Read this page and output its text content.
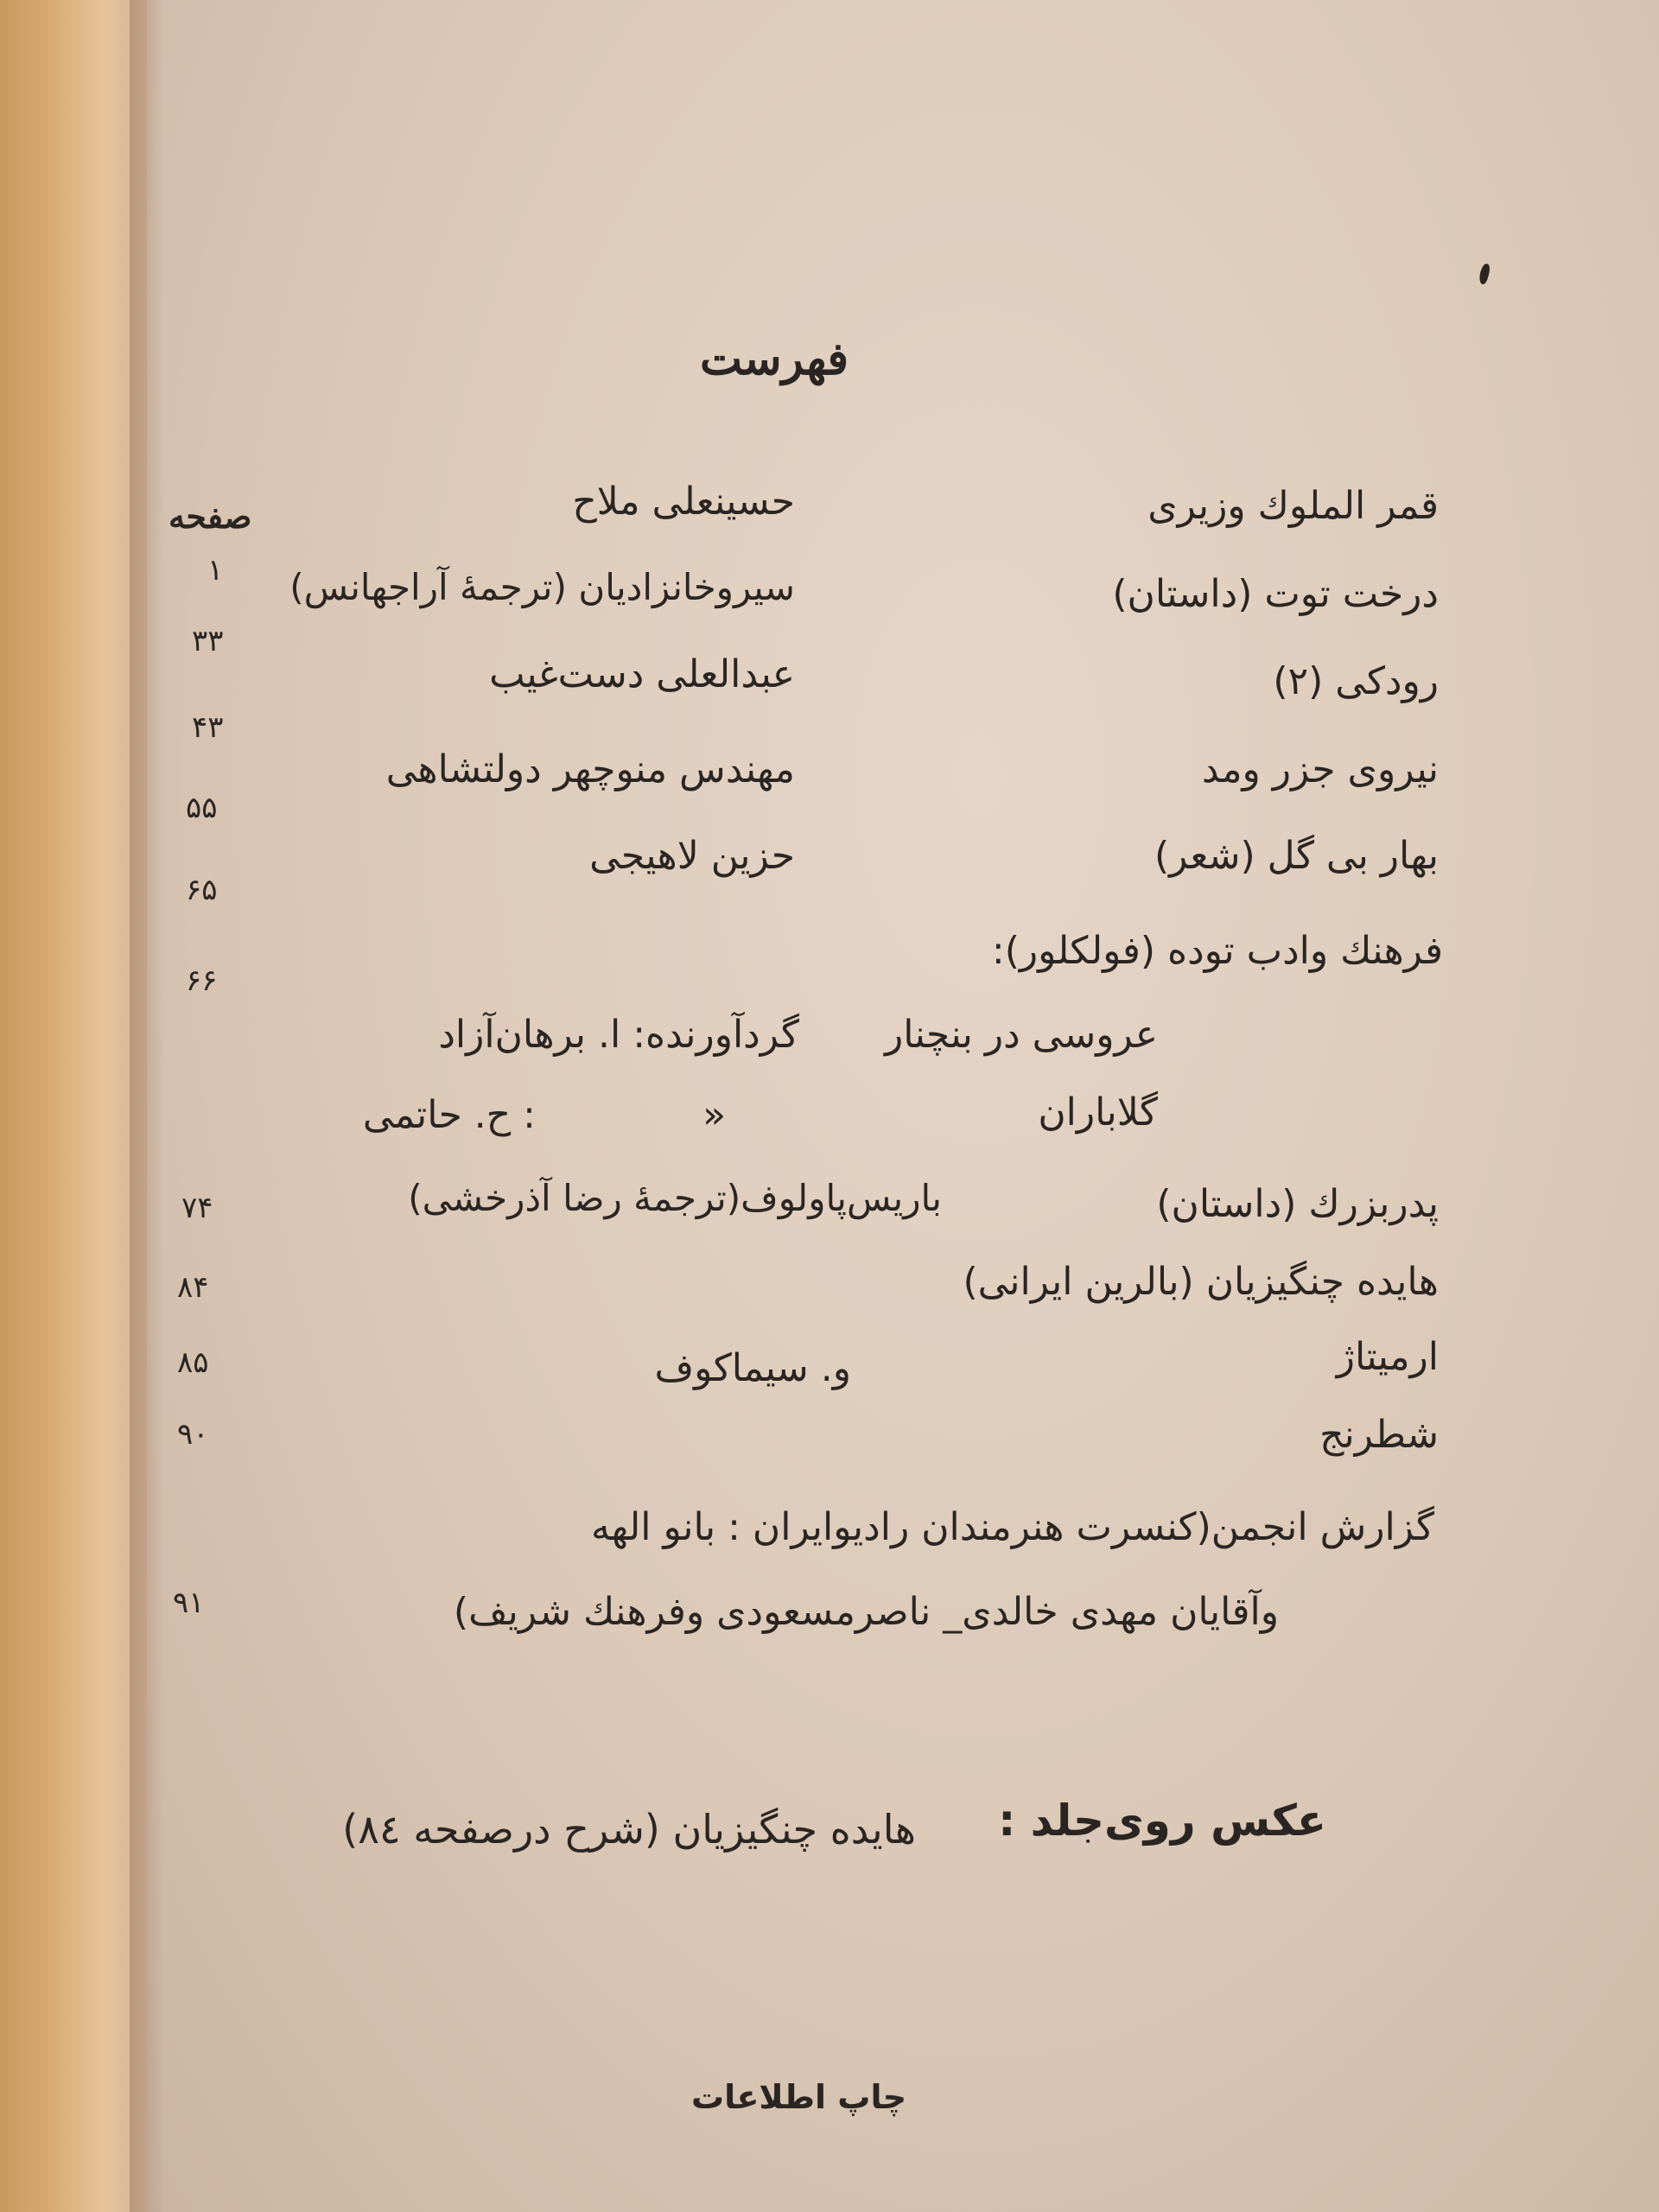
فهرست
صفحه	قمر الملوك وزیری
حسینعلی ملاح
۱
درخت توت (داستان)
سیروخانزادیان (ترجمهٔ آراجهانس)
۳۳
رودکی (۲)
عبدالعلی دست‌غیب
۴۳
نیروی جزر ومد
مهندس منوچهر دولتشاهی
۵۵
بهار بی گل (شعر)
حزین لاهیجی
۶۵
فرهنك وادب توده (فولکلور):
۶۶
عروسی در بنچنار
گردآورنده: ا. برهان‌آزاد
گلاباران
»
: ح. حاتمی
پدربزرك (داستان)
باریس‌پاولوف(ترجمهٔ رضا آذرخشی)
۷۴
هایده چنگیزیان (بالرین ایرانی)
۸۴
ارمیتاژ
و. سیماکوف
۸۵
شطرنج
۹۰
گزارش انجمن(کنسرت هنرمندان رادیوایران : بانو الهه
وآقایان مهدی خالدی_ ناصرمسعودی وفرهنك شریف)
۹۱
عکس روی‌جلد :
هایده چنگیزیان (شرح درصفحه ۸٤)
چاپ اطلاعات
